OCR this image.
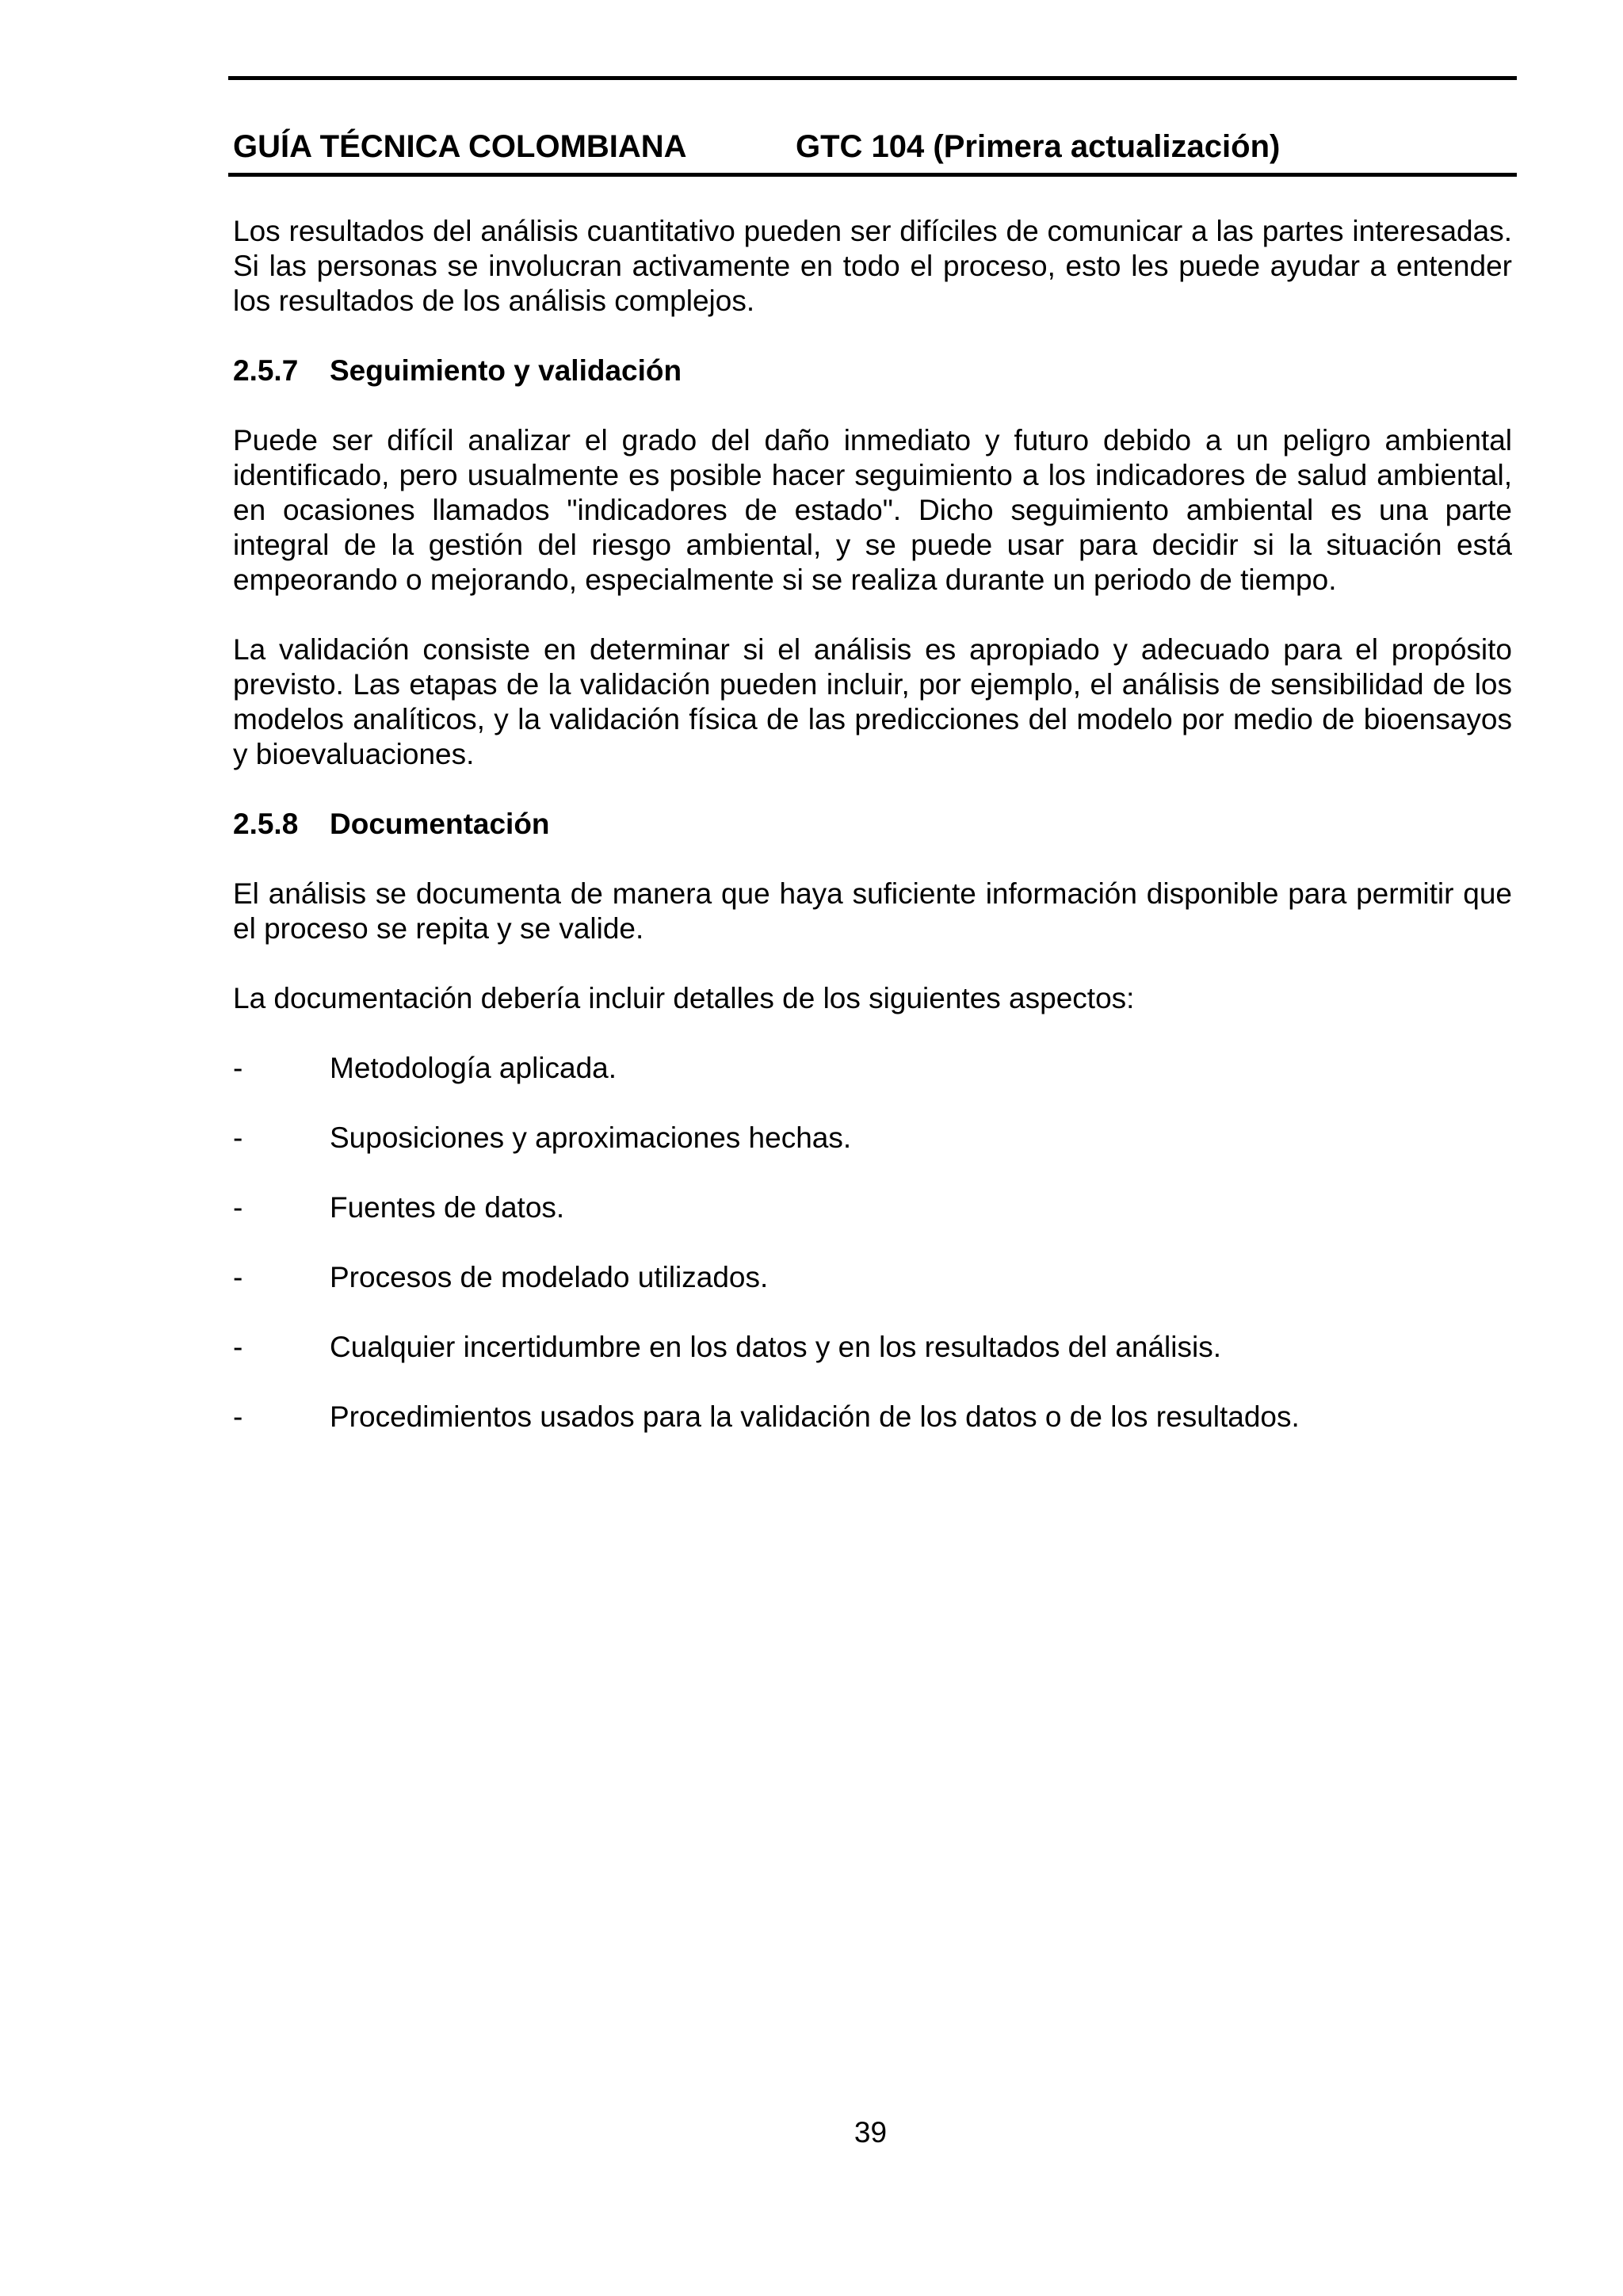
GUÍA TÉCNICA COLOMBIANA	GTC 104 (Primera actualización)

Los resultados del análisis cuantitativo pueden ser difíciles de comunicar a las partes interesadas. Si las personas se involucran activamente en todo el proceso, esto les puede ayudar a entender los resultados de los análisis complejos.

2.5.7 Seguimiento y validación

Puede ser difícil analizar el grado del daño inmediato y futuro debido a un peligro ambiental identificado, pero usualmente es posible hacer seguimiento a los indicadores de salud ambiental, en ocasiones llamados "indicadores de estado". Dicho seguimiento ambiental es una parte integral de la gestión del riesgo ambiental, y se puede usar para decidir si la situación está empeorando o mejorando, especialmente si se realiza durante un periodo de tiempo.

La validación consiste en determinar si el análisis es apropiado y adecuado para el propósito previsto. Las etapas de la validación pueden incluir, por ejemplo, el análisis de sensibilidad de los modelos analíticos, y la validación física de las predicciones del modelo por medio de bioensayos y bioevaluaciones.

2.5.8 Documentación

El análisis se documenta de manera que haya suficiente información disponible para permitir que el proceso se repita y se valide.

La documentación debería incluir detalles de los siguientes aspectos:

-	Metodología aplicada.
-	Suposiciones y aproximaciones hechas.
-	Fuentes de datos.
-	Procesos de modelado utilizados.
-	Cualquier incertidumbre en los datos y en los resultados del análisis.
-	Procedimientos usados para la validación de los datos o de los resultados.
39
